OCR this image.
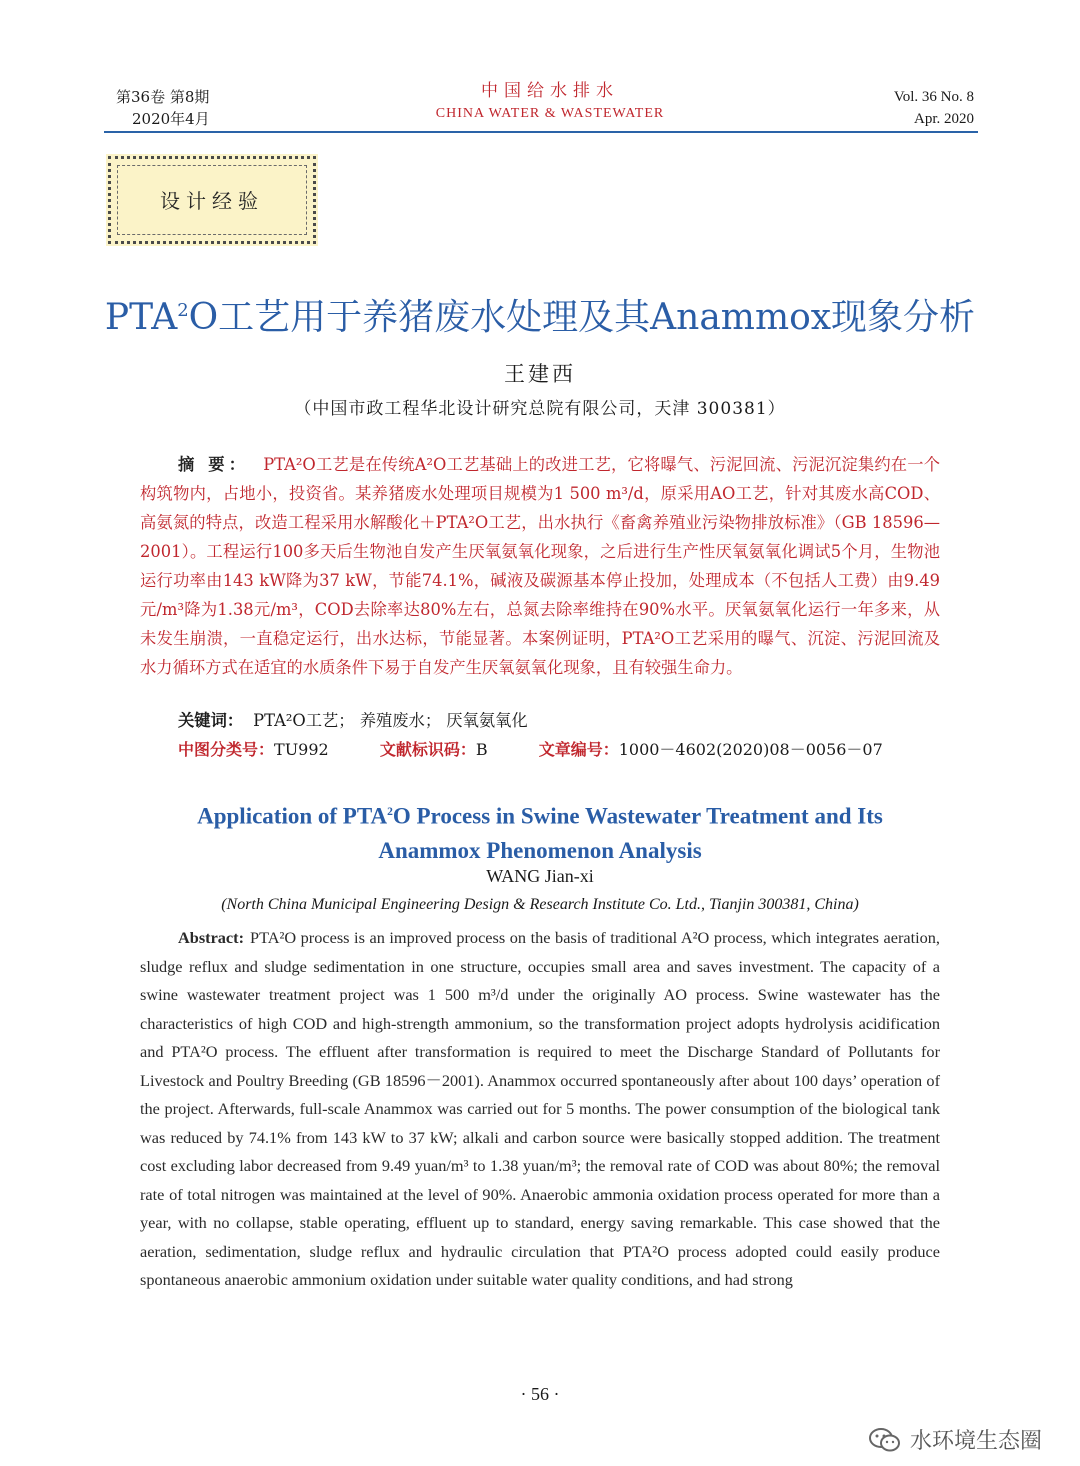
第36卷 第8期
2020年4月
中国给水排水
CHINA WATER & WASTEWATER
Vol. 36 No. 8
Apr. 2020
设计经验
PTA$^2$O工艺用于养猪废水处理及其Anammox现象分析
王建西
（中国市政工程华北设计研究总院有限公司，天津 300381）
摘 要： PTA²O工艺是在传统A²O工艺基础上的改进工艺，它将曝气、污泥回流、污泥沉淀集约在一个构筑物内，占地小，投资省。某养猪废水处理项目规模为1 500 m³/d，原采用AO工艺，针对其废水高COD、高氨氮的特点，改造工程采用水解酸化＋PTA²O工艺，出水执行《畜禽养殖业污染物排放标准》（GB 18596—2001）。工程运行100多天后生物池自发产生厌氧氨氧化现象，之后进行生产性厌氧氨氧化调试5个月，生物池运行功率由143 kW降为37 kW，节能74.1%，碱液及碳源基本停止投加，处理成本（不包括人工费）由9.49元/m³降为1.38元/m³，COD去除率达80%左右，总氮去除率维持在90%水平。厌氧氨氧化运行一年多来，从未发生崩溃，一直稳定运行，出水达标，节能显著。本案例证明，PTA²O工艺采用的曝气、沉淀、污泥回流及水力循环方式在适宜的水质条件下易于自发产生厌氧氨氧化现象，且有较强生命力。
关键词： PTA²O工艺； 养殖废水； 厌氧氨氧化
中图分类号：TU992	文献标识码：B	文章编号：1000－4602(2020)08－0056－07
Application of PTA$^2$O Process in Swine Wastewater Treatment and Its
Anammox Phenomenon Analysis
WANG Jian-xi
(North China Municipal Engineering Design & Research Institute Co. Ltd., Tianjin 300381, China)
Abstract: PTA²O process is an improved process on the basis of traditional A²O process, which integrates aeration, sludge reflux and sludge sedimentation in one structure, occupies small area and saves investment. The capacity of a swine wastewater treatment project was 1 500 m³/d under the originally AO process. Swine wastewater has the characteristics of high COD and high-strength ammonium, so the transformation project adopts hydrolysis acidification and PTA²O process. The effluent after transformation is required to meet the Discharge Standard of Pollutants for Livestock and Poultry Breeding (GB 18596－2001). Anammox occurred spontaneously after about 100 days’ operation of the project. Afterwards, full-scale Anammox was carried out for 5 months. The power consumption of the biological tank was reduced by 74.1% from 143 kW to 37 kW; alkali and carbon source were basically stopped addition. The treatment cost excluding labor decreased from 9.49 yuan/m³ to 1.38 yuan/m³; the removal rate of COD was about 80%; the removal rate of total nitrogen was maintained at the level of 90%. Anaerobic ammonia oxidation process operated for more than a year, with no collapse, stable operating, effluent up to standard, energy saving remarkable. This case showed that the aeration, sedimentation, sludge reflux and hydraulic circulation that PTA²O process adopted could easily produce spontaneous anaerobic ammonium oxidation under suitable water quality conditions, and had strong
· 56 ·
水环境生态圈
